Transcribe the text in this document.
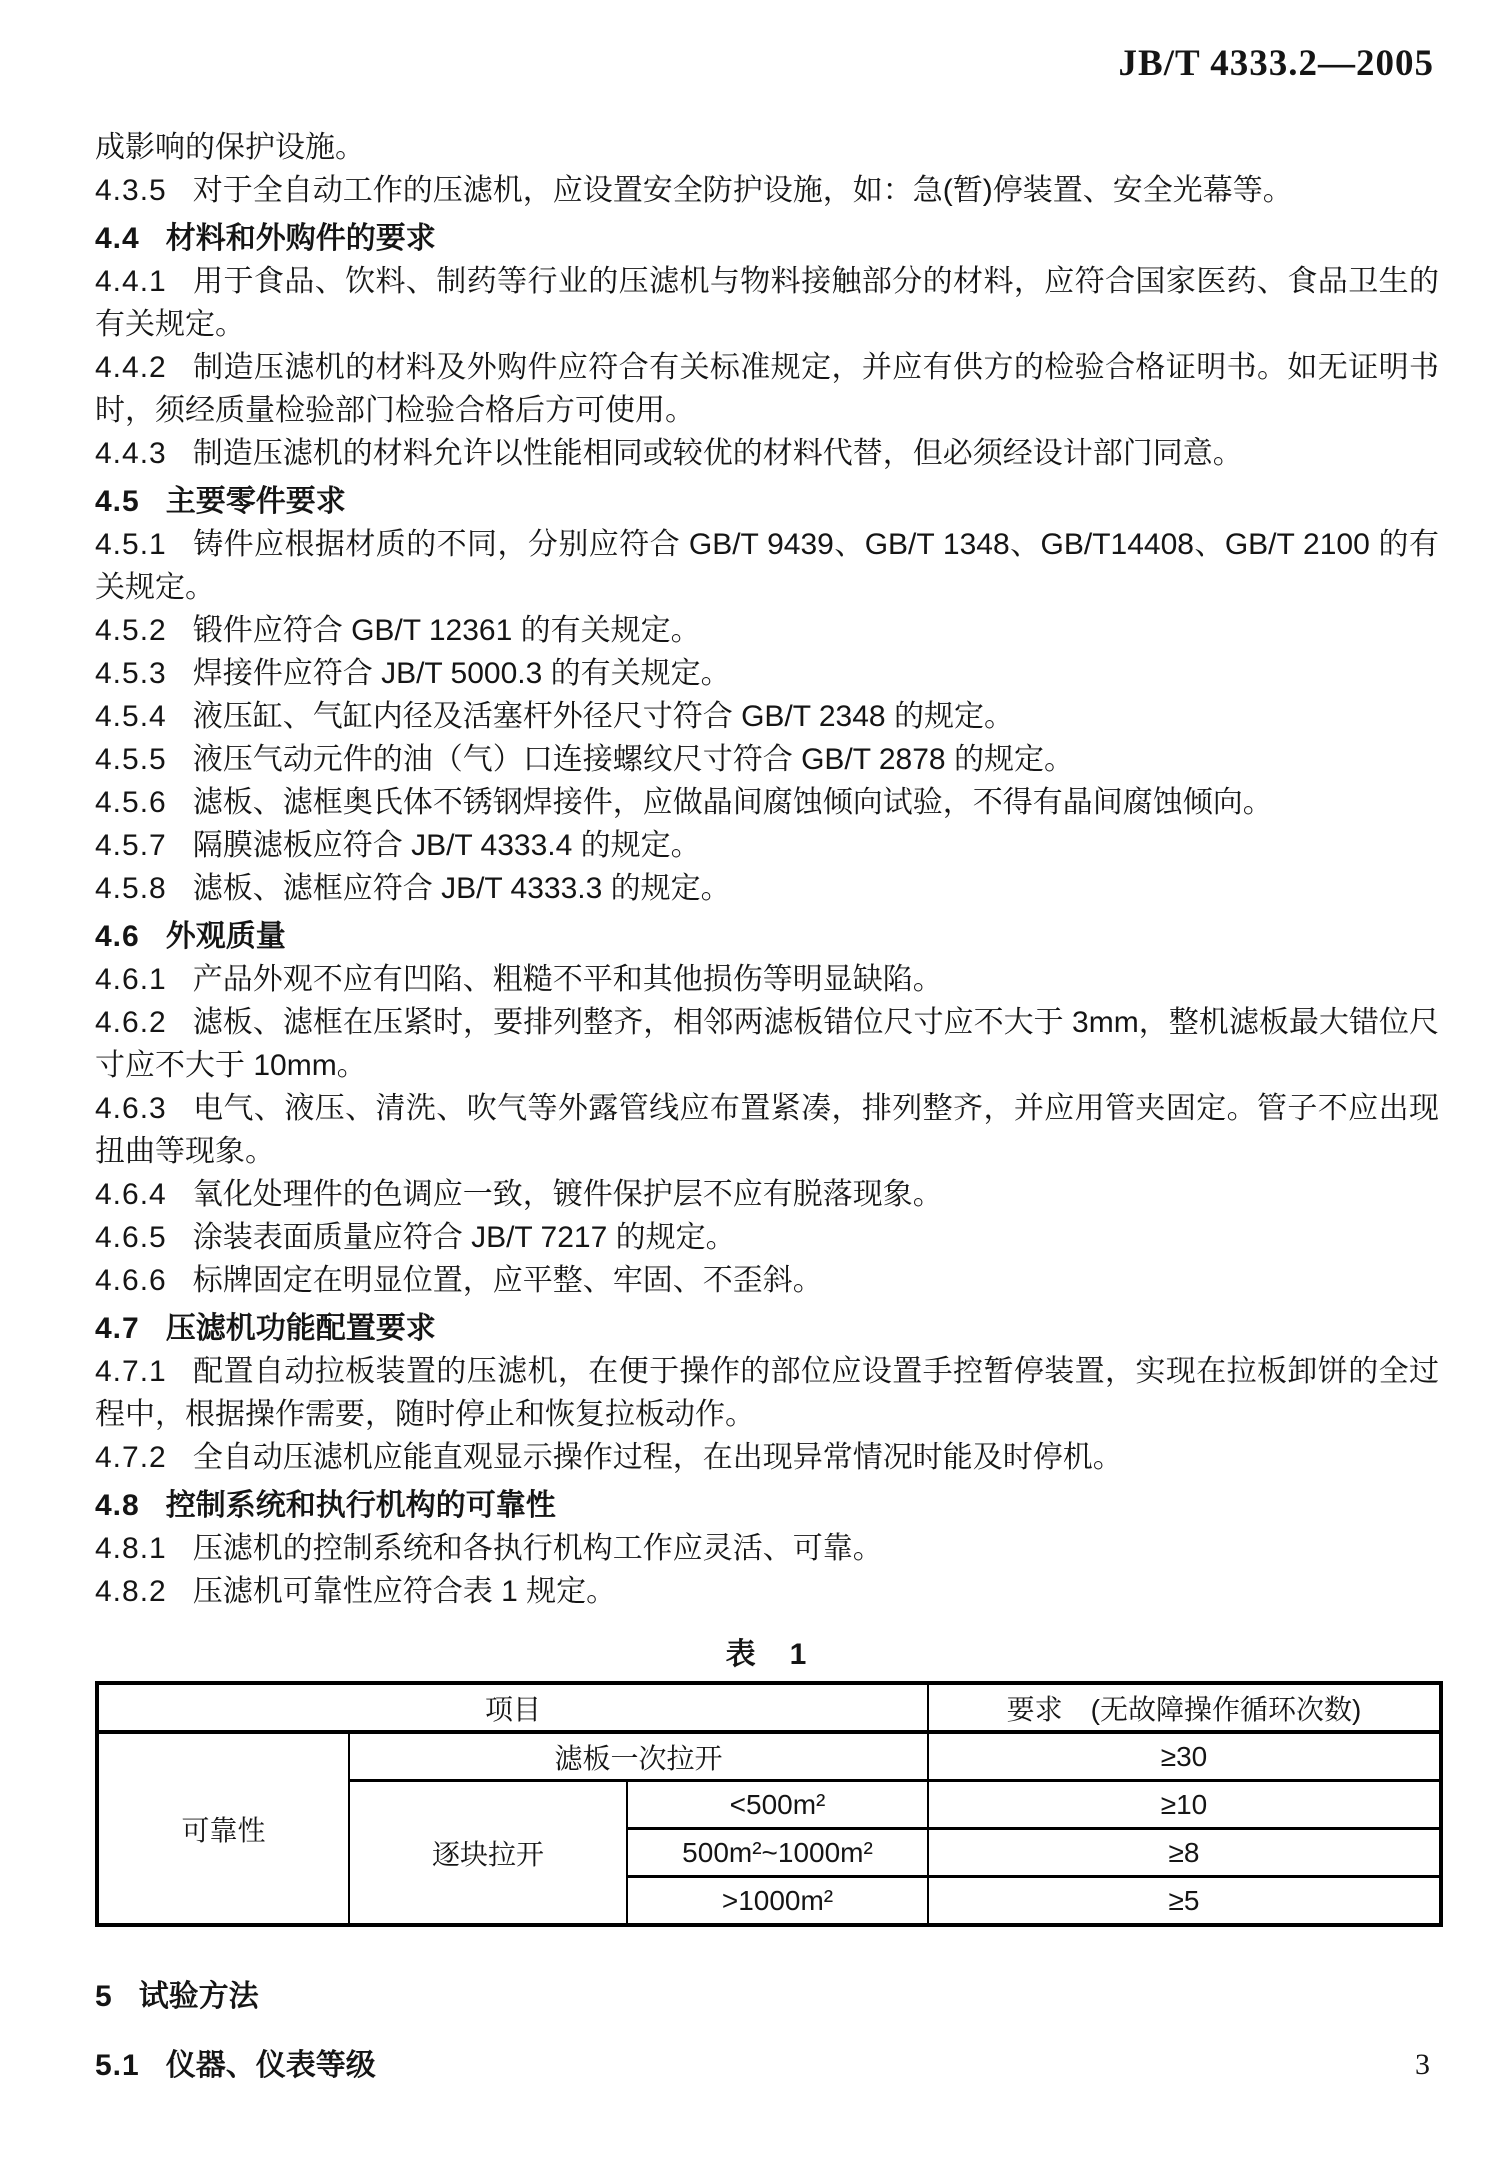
JB/T 4333.2—2005

成影响的保护设施。

4.3.5 对于全自动工作的压滤机，应设置安全防护设施，如：急(暂)停装置、安全光幕等。

4.4 材料和外购件的要求

4.4.1 用于食品、饮料、制药等行业的压滤机与物料接触部分的材料，应符合国家医药、食品卫生的有关规定。

4.4.2 制造压滤机的材料及外购件应符合有关标准规定，并应有供方的检验合格证明书。如无证明书时，须经质量检验部门检验合格后方可使用。

4.4.3 制造压滤机的材料允许以性能相同或较优的材料代替，但必须经设计部门同意。

4.5 主要零件要求

4.5.1 铸件应根据材质的不同，分别应符合 GB/T 9439、GB/T 1348、GB/T14408、GB/T 2100 的有关规定。

4.5.2 锻件应符合 GB/T 12361 的有关规定。

4.5.3 焊接件应符合 JB/T 5000.3 的有关规定。

4.5.4 液压缸、气缸内径及活塞杆外径尺寸符合 GB/T 2348 的规定。

4.5.5 液压气动元件的油（气）口连接螺纹尺寸符合 GB/T 2878 的规定。

4.5.6 滤板、滤框奥氏体不锈钢焊接件，应做晶间腐蚀倾向试验，不得有晶间腐蚀倾向。

4.5.7 隔膜滤板应符合 JB/T 4333.4 的规定。

4.5.8 滤板、滤框应符合 JB/T 4333.3 的规定。

4.6 外观质量

4.6.1 产品外观不应有凹陷、粗糙不平和其他损伤等明显缺陷。

4.6.2 滤板、滤框在压紧时，要排列整齐，相邻两滤板错位尺寸应不大于 3mm，整机滤板最大错位尺寸应不大于 10mm。

4.6.3 电气、液压、清洗、吹气等外露管线应布置紧凑，排列整齐，并应用管夹固定。管子不应出现扭曲等现象。

4.6.4 氧化处理件的色调应一致，镀件保护层不应有脱落现象。

4.6.5 涂装表面质量应符合 JB/T 7217 的规定。

4.6.6 标牌固定在明显位置，应平整、牢固、不歪斜。

4.7 压滤机功能配置要求

4.7.1 配置自动拉板装置的压滤机，在便于操作的部位应设置手控暂停装置，实现在拉板卸饼的全过程中，根据操作需要，随时停止和恢复拉板动作。

4.7.2 全自动压滤机应能直观显示操作过程，在出现异常情况时能及时停机。

4.8 控制系统和执行机构的可靠性

4.8.1 压滤机的控制系统和各执行机构工作应灵活、可靠。

4.8.2 压滤机可靠性应符合表 1 规定。

表　1
项目			要求　(无故障操作循环次数)
可靠性	滤板一次拉开		≥30
	逐块拉开	<500m²	≥10
		500m²~1000m²	≥8
		>1000m²	≥5

5 试验方法

5.1 仪器、仪表等级	3
